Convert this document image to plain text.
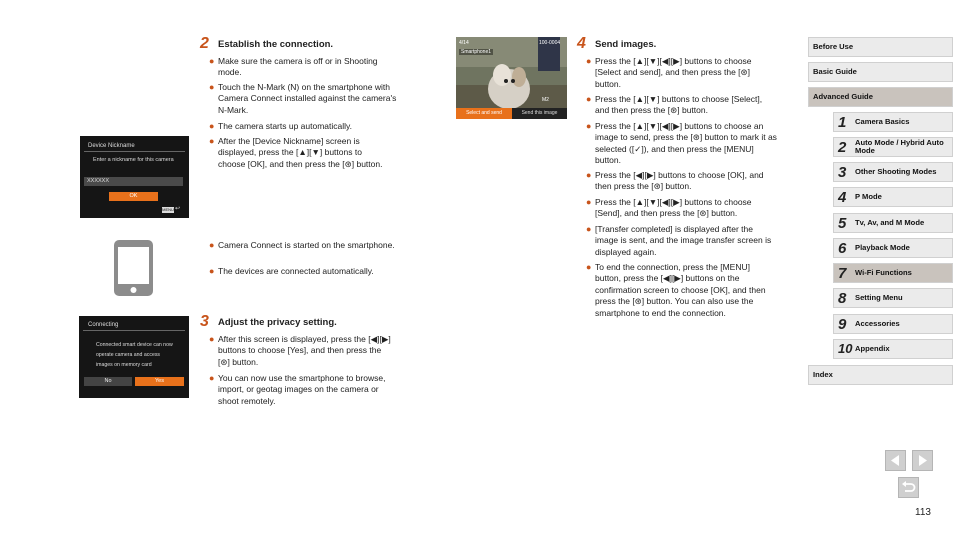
2 Establish the connection.
● Make sure the camera is off or in Shooting mode.
● Touch the N-Mark (N) on the smartphone with Camera Connect installed against the camera's N-Mark.
● The camera starts up automatically.
● After the [Device Nickname] screen is displayed, press the [▲][▼] buttons to choose [OK], and then press the [⊛] button.
Device Nickname
Enter a nickname for this camera
XXXXXX
OK
MENU ↩
● Camera Connect is started on the smartphone.
● The devices are connected automatically.
3 Adjust the privacy setting.
● After this screen is displayed, press the [◀][▶] buttons to choose [Yes], and then press the [⊛] button.
● You can now use the smartphone to browse, import, or geotag images on the camera or shoot remotely.
Connecting
Connected smart device can now operate camera and access images on memory card
No	Yes
4/14	100-0004
Smartphone1
M2
Select and send	Send this image
4 Send images.
● Press the [▲][▼][◀][▶] buttons to choose [Select and send], and then press the [⊛] button.
● Press the [▲][▼] buttons to choose [Select], and then press the [⊛] button.
● Press the [▲][▼][◀][▶] buttons to choose an image to send, press the [⊛] button to mark it as selected ([✓]), and then press the [MENU] button.
● Press the [◀][▶] buttons to choose [OK], and then press the [⊛] button.
● Press the [▲][▼][◀][▶] buttons to choose [Send], and then press the [⊛] button.
● [Transfer completed] is displayed after the image is sent, and the image transfer screen is displayed again.
● To end the connection, press the [MENU] button, press the [◀][▶] buttons on the confirmation screen to choose [OK], and then press the [⊛] button. You can also use the smartphone to end the connection.
Before Use
Basic Guide
Advanced Guide
1 Camera Basics
2 Auto Mode / Hybrid Auto Mode
3 Other Shooting Modes
4 P Mode
5 Tv, Av, and M Mode
6 Playback Mode
7 Wi-Fi Functions
8 Setting Menu
9 Accessories
10 Appendix
Index
113
